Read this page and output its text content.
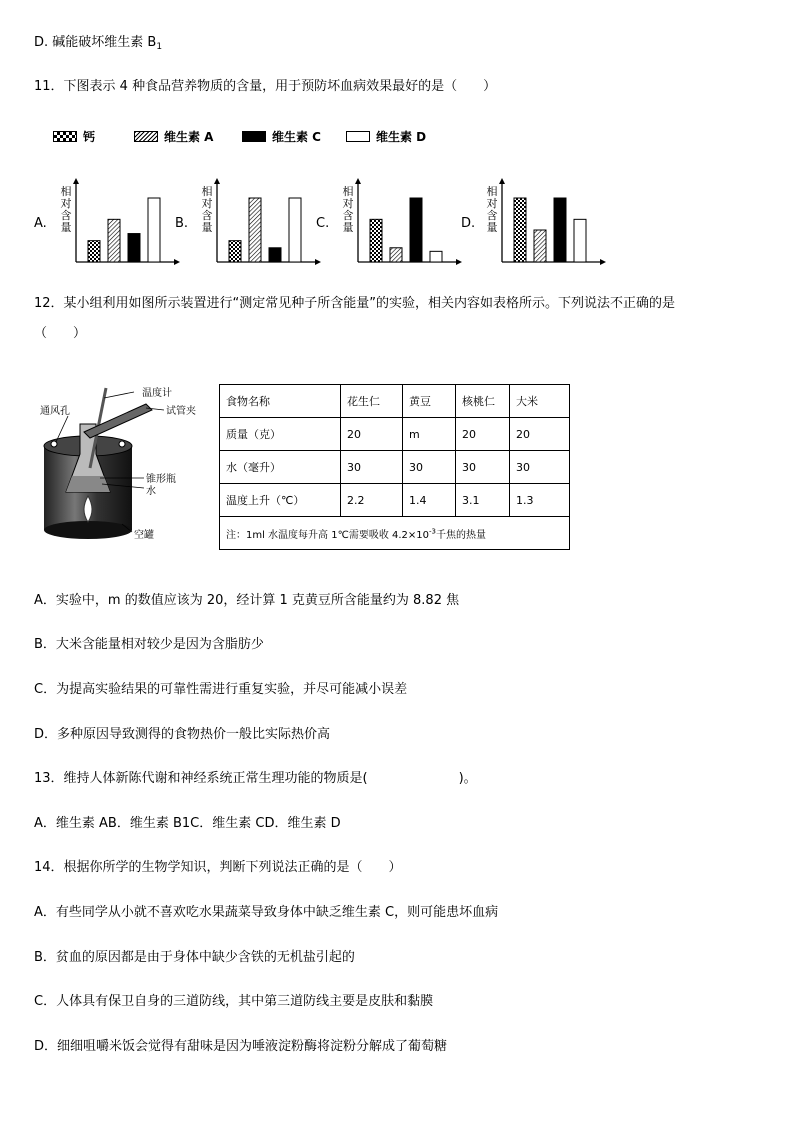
D. 碱能破坏维生素 $B_1$
11．下图表示 4 种食品营养物质的含量，用于预防坏血病效果最好的是（　　）
钙	维生素 A	维生素 C	维生素 D
A.	B.	C.	D.
相对含量
相对含量
相对含量
相对含量
12．某小组利用如图所示装置进行“测定常见种子所含能量”的实验，相关内容如表格所示。下列说法不正确的是
（　　）
温度计
试管夹
通风孔
锥形瓶
水
空罐
食物名称	花生仁	黄豆	核桃仁	大米
质量（克）	20	m	20	20
水（毫升）	30	30	30	30
温度上升（℃）	2.2	1.4	3.1	1.3
注：1ml 水温度每升高 1℃需要吸收 $4.2\times 10^{-3}$千焦的热量				
A．实验中，m 的数值应该为 20，经计算 1 克黄豆所含能量约为 8.82 焦
B．大米含能量相对较少是因为含脂肪少
C．为提高实验结果的可靠性需进行重复实验，并尽可能减小误差
D．多种原因导致测得的食物热价一般比实际热价高
13．维持人体新陈代谢和神经系统正常生理功能的物质是(　　　　　　　)。
A．维生素 AB．维生素 B1C．维生素 CD．维生素 D
14．根据你所学的生物学知识，判断下列说法正确的是（　　）
A．有些同学从小就不喜欢吃水果蔬菜导致身体中缺乏维生素 C，则可能患坏血病
B．贫血的原因都是由于身体中缺少含铁的无机盐引起的
C．人体具有保卫自身的三道防线，其中第三道防线主要是皮肤和黏膜
D．细细咀嚼米饭会觉得有甜味是因为唾液淀粉酶将淀粉分解成了葡萄糖
